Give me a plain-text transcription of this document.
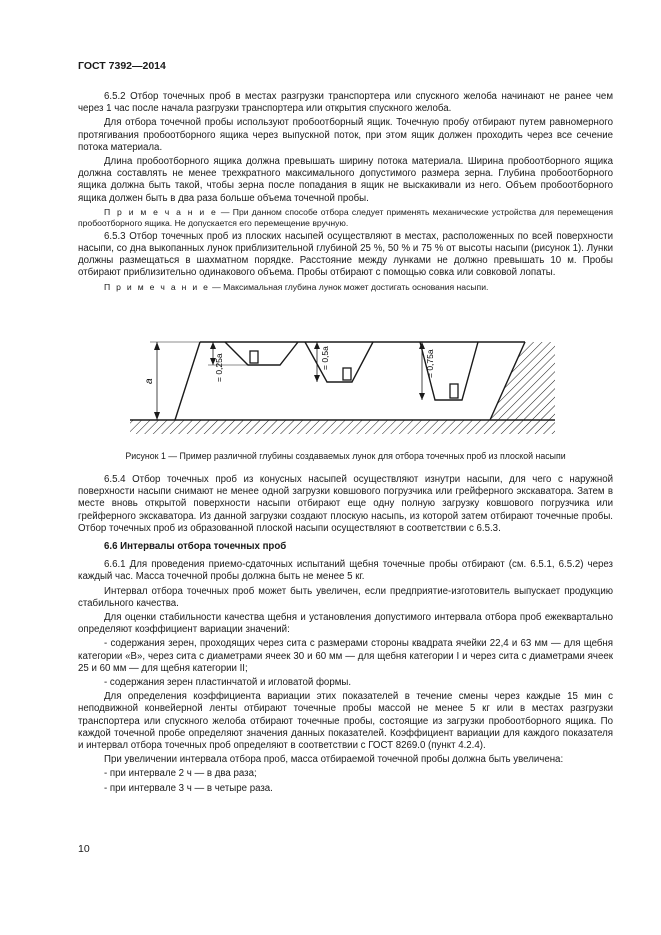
ГОСТ 7392—2014

6.5.2 Отбор точечных проб в местах разгрузки транспортера или спускного желоба начинают не ранее чем через 1 час после начала разгрузки транспортера или открытия спускного желоба.

Для отбора точечной пробы используют пробоотборный ящик. Точечную пробу отбирают путем равномерного протягивания пробоотборного ящика через выпускной поток, при этом ящик должен проходить через все сечение потока материала.

Длина пробоотборного ящика должна превышать ширину потока материала. Ширина пробоотборного ящика должна составлять не менее трехкратного максимального допустимого размера зерна. Глубина пробоотборного ящика должна быть такой, чтобы зерна после попадания в ящик не выскакивали из него. Объем пробоотборного ящика должен быть в два раза больше объема точечной пробы.

П р и м е ч а н и е — При данном способе отбора следует применять механические устройства для перемещения пробоотборного ящика. Не допускается его перемещение вручную.

6.5.3 Отбор точечных проб из плоских насыпей осуществляют в местах, расположенных по всей поверхности насыпи, со дна выкопанных лунок приблизительной глубиной 25 %, 50 % и 75 % от высоты насыпи (рисунок 1). Лунки должны размещаться в шахматном порядке. Расстояние между лунками не должно превышать 10 м. Пробы отбирают приблизительно одинакового объема. Пробы отбирают с помощью совка или совковой лопаты.

П р и м е ч а н и е — Максимальная глубина лунок может достигать основания насыпи.

а	= 0,25а	= 0,5а	= 0,75а
Рисунок 1 — Пример различной глубины создаваемых лунок для отбора точечных проб из плоской насыпи

6.5.4 Отбор точечных проб из конусных насыпей осуществляют изнутри насыпи, для чего с наружной поверхности насыпи снимают не менее одной загрузки ковшового погрузчика или грейферного экскаватора. Затем в месте вновь открытой поверхности насыпи отбирают еще одну полную загрузку ковшового погрузчика или грейферного экскаватора. Из данной загрузки создают плоскую насыпь, из которой затем отбирают точечные пробы. Отбор точечных проб из образованной плоской насыпи осуществляют в соответствии с 6.5.3.

6.6 Интервалы отбора точечных проб

6.6.1 Для проведения приемо-сдаточных испытаний щебня точечные пробы отбирают (см. 6.5.1, 6.5.2) через каждый час. Масса точечной пробы должна быть не менее 5 кг.

Интервал отбора точечных проб может быть увеличен, если предприятие-изготовитель выпускает продукцию стабильного качества.

Для оценки стабильности качества щебня и установления допустимого интервала отбора проб ежеквартально определяют коэффициент вариации значений:

- содержания зерен, проходящих через сита с размерами стороны квадрата ячейки 22,4 и 63 мм — для щебня категории «В», через сита с диаметрами ячеек 30 и 60 мм — для щебня категории I и через сита с диаметрами ячеек 25 и 60 мм — для щебня категории II;

- содержания зерен пластинчатой и игловатой формы.

Для определения коэффициента вариации этих показателей в течение смены через каждые 15 мин с неподвижной конвейерной ленты отбирают точечные пробы массой не менее 5 кг или в местах разгрузки транспортера или спускного желоба отбирают точечные пробы, состоящие из загрузки пробоотборного ящика. По каждой точечной пробе определяют значения данных показателей. Коэффициент вариации для каждого показателя и интервал отбора точечных проб определяют в соответствии с ГОСТ 8269.0 (пункт 4.2.4).

При увеличении интервала отбора проб, масса отбираемой точечной пробы должна быть увеличена:

- при интервале 2 ч — в два раза;

- при интервале 3 ч — в четыре раза.

10
